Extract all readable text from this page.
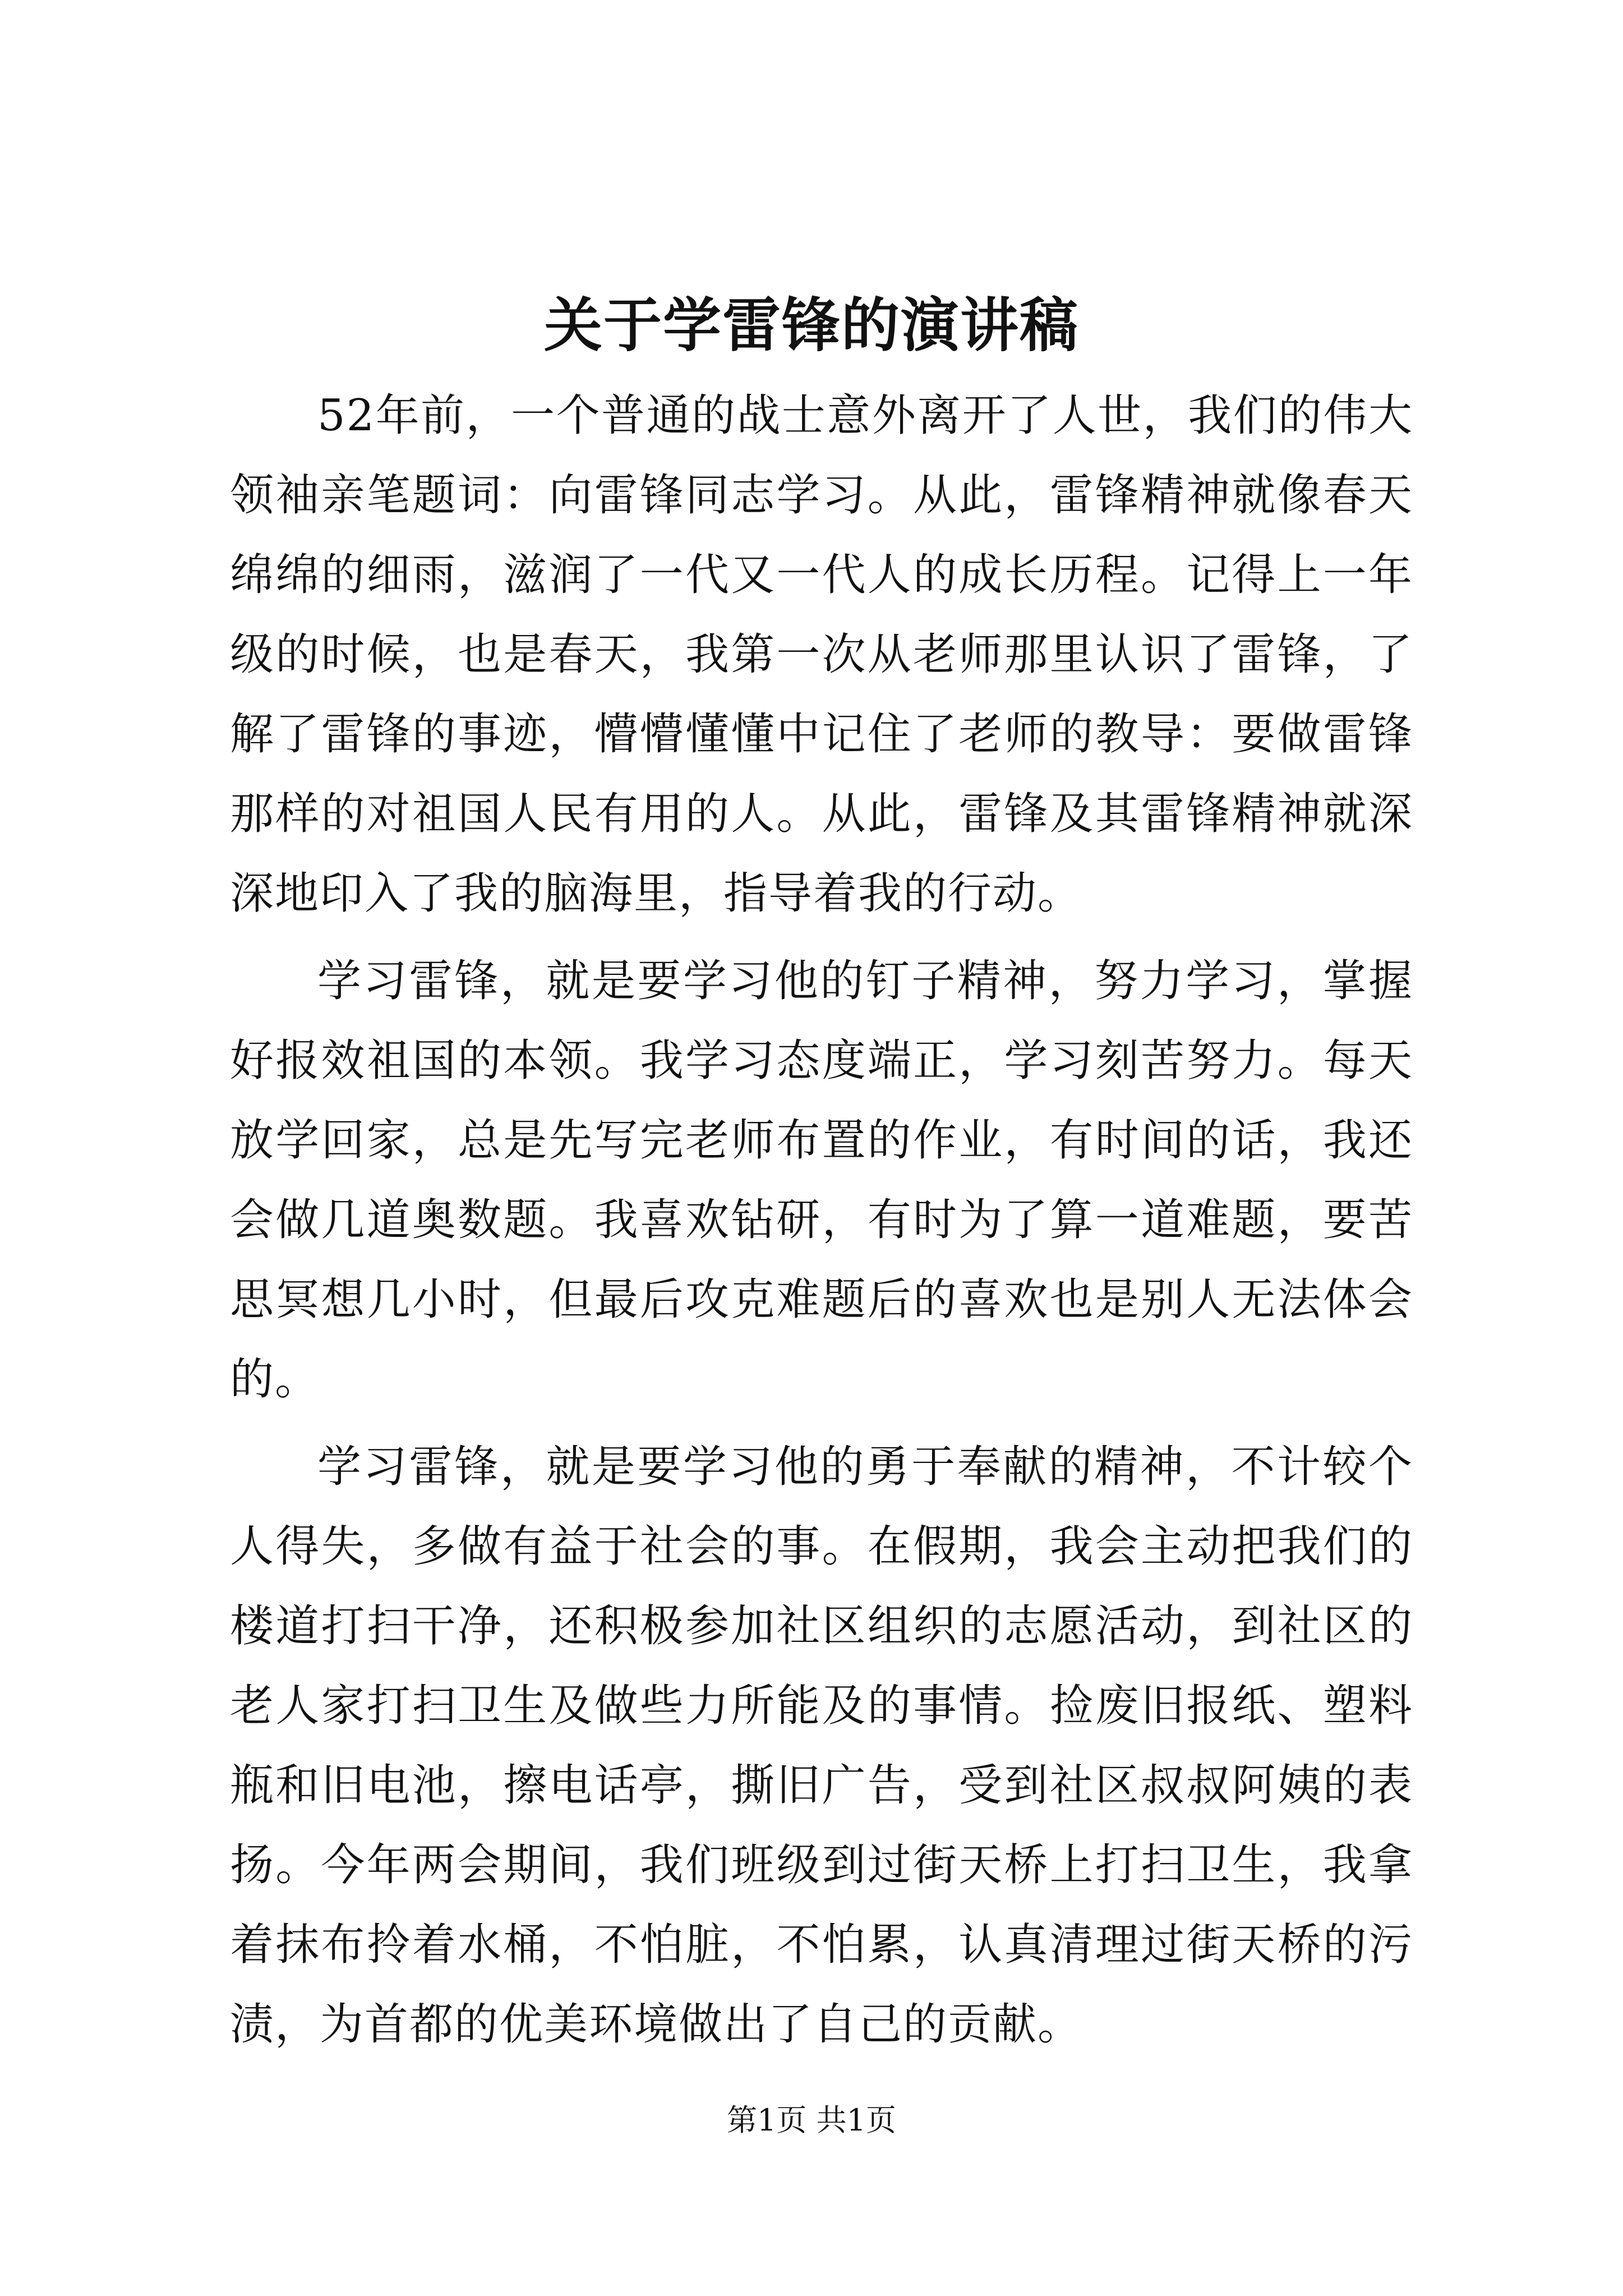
关于学雷锋的演讲稿

52年前，一个普通的战士意外离开了人世，我们的伟大领袖亲笔题词：向雷锋同志学习。从此，雷锋精神就像春天绵绵的细雨，滋润了一代又一代人的成长历程。记得上一年级的时候，也是春天，我第一次从老师那里认识了雷锋，了解了雷锋的事迹，懵懵懂懂中记住了老师的教导：要做雷锋那样的对祖国人民有用的人。从此，雷锋及其雷锋精神就深深地印入了我的脑海里，指导着我的行动。

学习雷锋，就是要学习他的钉子精神，努力学习，掌握好报效祖国的本领。我学习态度端正，学习刻苦努力。每天放学回家，总是先写完老师布置的作业，有时间的话，我还会做几道奥数题。我喜欢钻研，有时为了算一道难题，要苦思冥想几小时，但最后攻克难题后的喜欢也是别人无法体会的。

学习雷锋，就是要学习他的勇于奉献的精神，不计较个人得失，多做有益于社会的事。在假期，我会主动把我们的楼道打扫干净，还积极参加社区组织的志愿活动，到社区的老人家打扫卫生及做些力所能及的事情。捡废旧报纸、塑料瓶和旧电池，擦电话亭，撕旧广告，受到社区叔叔阿姨的表扬。今年两会期间，我们班级到过街天桥上打扫卫生，我拿着抹布拎着水桶，不怕脏，不怕累，认真清理过街天桥的污渍，为首都的优美环境做出了自己的贡献。

第1页 共1页
